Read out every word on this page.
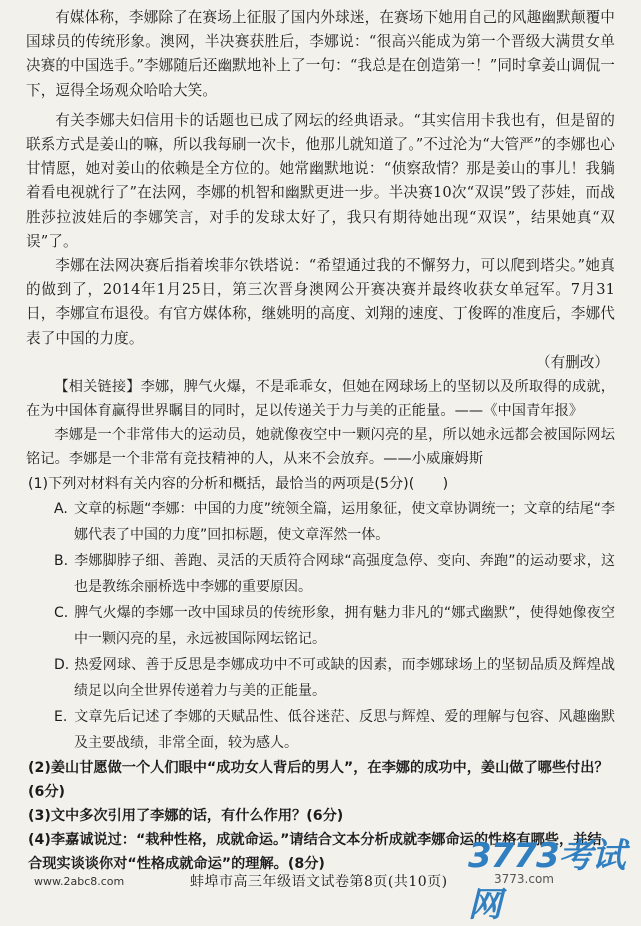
有媒体称，李娜除了在赛场上征服了国内外球迷，在赛场下她用自己的风趣幽默颠覆中国球员的传统形象。澳网，半决赛获胜后，李娜说：“很高兴能成为第一个晋级大满贯女单决赛的中国选手。”李娜随后还幽默地补上了一句：“我总是在创造第一！”同时拿姜山调侃一下，逗得全场观众哈哈大笑。

有关李娜夫妇信用卡的话题也已成了网坛的经典语录。“其实信用卡我也有，但是留的联系方式是姜山的嘛，所以我每刷一次卡，他那儿就知道了。”不过沦为“大管严”的李娜也心甘情愿，她对姜山的依赖是全方位的。她常幽默地说：“侦察敌情？那是姜山的事儿！我躺着看电视就行了”在法网，李娜的机智和幽默更进一步。半决赛10次“双误”毁了莎娃，而战胜莎拉波娃后的李娜笑言，对手的发球太好了，我只有期待她出现“双误”，结果她真“双误”了。

李娜在法网决赛后指着埃菲尔铁塔说：“希望通过我的不懈努力，可以爬到塔尖。”她真的做到了，2014年1月25日，第三次晋身澳网公开赛决赛并最终收获女单冠军。7月31日，李娜宣布退役。有官方媒体称，继姚明的高度、刘翔的速度、丁俊晖的准度后，李娜代表了中国的力度。

（有删改）

【相关链接】李娜，脾气火爆，不是乖乖女，但她在网球场上的坚韧以及所取得的成就，在为中国体育赢得世界瞩目的同时，足以传递关于力与美的正能量。——《中国青年报》

李娜是一个非常伟大的运动员，她就像夜空中一颗闪亮的星，所以她永远都会被国际网坛铭记。李娜是一个非常有竞技精神的人，从来不会放弃。——小威廉姆斯

(1)下列对材料有关内容的分析和概括，最恰当的两项是(5分)(　　)

A. 文章的标题“李娜：中国的力度”统领全篇，运用象征，使文章协调统一；文章的结尾“李娜代表了中国的力度”回扣标题，使文章浑然一体。

B. 李娜脚脖子细、善跑、灵活的天质符合网球“高强度急停、变向、奔跑”的运动要求，这也是教练余丽桥选中李娜的重要原因。

C. 脾气火爆的李娜一改中国球员的传统形象，拥有魅力非凡的“娜式幽默”，使得她像夜空中一颗闪亮的星，永远被国际网坛铭记。

D. 热爱网球、善于反思是李娜成功中不可或缺的因素，而李娜球场上的坚韧品质及辉煌战绩足以向全世界传递着力与美的正能量。

E. 文章先后记述了李娜的天赋品性、低谷迷茫、反思与辉煌、爱的理解与包容、风趣幽默及主要战绩，非常全面，较为感人。

(2)姜山甘愿做一个人们眼中“成功女人背后的男人”，在李娜的成功中，姜山做了哪些付出？(6分)

(3)文中多次引用了李娜的话，有什么作用？(6分)

(4)李嘉诚说过：“栽种性格，成就命运。”请结合文本分析成就李娜命运的性格有哪些，并结合现实谈谈你对“性格成就命运”的理解。(8分)	3773考试网
3773.com
www.2abc8.com	蚌埠市高三年级语文试卷第8页(共10页)
